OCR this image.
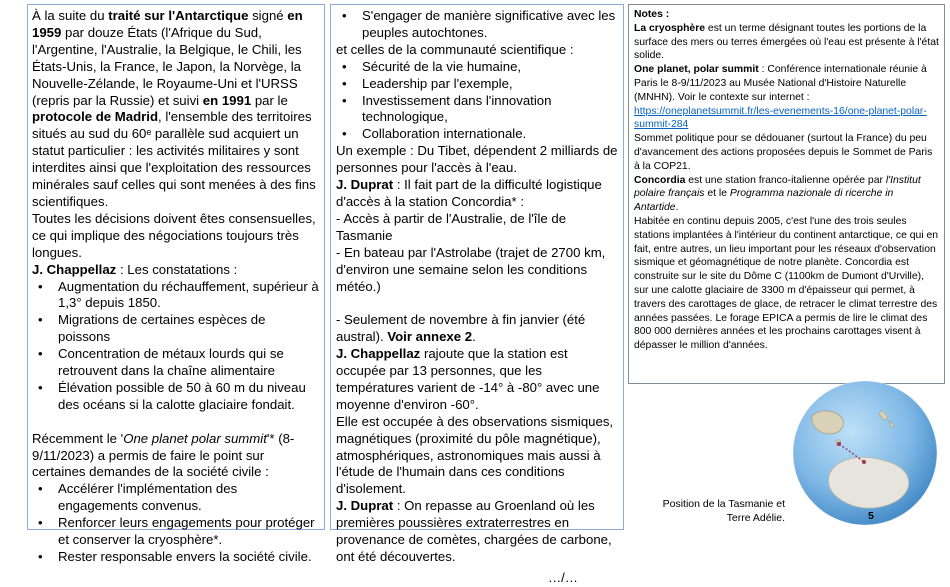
À la suite du traité sur l'Antarctique signé en 1959 par douze États (l'Afrique du Sud, l'Argentine, l'Australie, la Belgique, le Chili, les États-Unis, la France, le Japon, la Norvège, la Nouvelle-Zélande, le Royaume-Uni et l'URSS (repris par la Russie) et suivi en 1991 par le protocole de Madrid, l'ensemble des territoires situés au sud du 60ᵉ parallèle sud acquiert un statut particulier : les activités militaires y sont interdites ainsi que l'exploitation des ressources minérales sauf celles qui sont menées à des fins scientifiques.

Toutes les décisions doivent êtes consensuelles, ce qui implique des négociations toujours très longues.

J. Chappellaz : Les constatations :

• Augmentation du réchauffement, supérieur à 1,3° depuis 1850.
• Migrations de certaines espèces de poissons
• Concentration de métaux lourds qui se retrouvent dans la chaîne alimentaire
• Élévation possible de 50 à 60 m du niveau des océans si la calotte glaciaire fondait.

Récemment le 'One planet polar summit'* (8-9/11/2023) a permis de faire le point sur certaines demandes de la société civile :

• Accélérer l'implémentation des engagements convenus.
• Renforcer leurs engagements pour protéger et conserver la cryosphère*.
• Rester responsable envers la société civile.
• S'engager de manière significative avec les peuples autochtones.

et celles de la communauté scientifique :

• Sécurité de la vie humaine,
• Leadership par l'exemple,
• Investissement dans l'innovation technologique,
• Collaboration internationale.

Un exemple : Du Tibet, dépendent 2 milliards de personnes pour l'accès à l'eau.

J. Duprat : Il fait part de la difficulté logistique d'accès à la station Concordia* :

- Accès à partir de l'Australie, de l'île de Tasmanie

- En bateau par l'Astrolabe (trajet de 2700 km, d'environ une semaine selon les conditions météo.)

- Seulement de novembre à fin janvier (été austral). Voir annexe 2.

J. Chappellaz rajoute que la station est occupée par 13 personnes, que les températures varient de -14° à -80° avec une moyenne d'environ -60°.

Elle est occupée à des observations sismiques, magnétiques (proximité du pôle magnétique), atmosphériques, astronomiques mais aussi à l'étude de l'humain dans ces conditions d'isolement.

J. Duprat : On repasse au Groenland où les premières poussières extraterrestres en provenance de comètes, chargées de carbone, ont été découvertes.

…/…

Notes :

La cryosphère est un terme désignant toutes les portions de la surface des mers ou terres émergées où l'eau est présente à l'état solide.

One planet, polar summit : Conférence internationale réunie à Paris le 8-9/11/2023 au Musée National d'Histoire Naturelle (MNHN). Voir le contexte sur internet :

https://oneplanetsummit.fr/les-evenements-16/one-planet-polar-summit-284

Sommet politique pour se dédouaner (surtout la France) du peu d'avancement des actions proposées depuis le Sommet de Paris à la COP21.

Concordia est une station franco-italienne opérée par l'Institut polaire français et le Programma nazionale di ricerche in Antartide.

Habitée en continu depuis 2005, c'est l'une des trois seules stations implantées à l'intérieur du continent antarctique, ce qui en fait, entre autres, un lieu important pour les réseaux d'observation sismique et géomagnétique de notre planète. Concordia est construite sur le site du Dôme C (1100km de Dumont d'Urville), sur une calotte glaciaire de 3300 m d'épaisseur qui permet, à travers des carottages de glace, de retracer le climat terrestre des années passées. Le forage EPICA a permis de lire le climat des 800 000 dernières années et les prochains carottages visent à dépasser le million d'années.

Position de la Tasmanie et Terre Adélie.	5
